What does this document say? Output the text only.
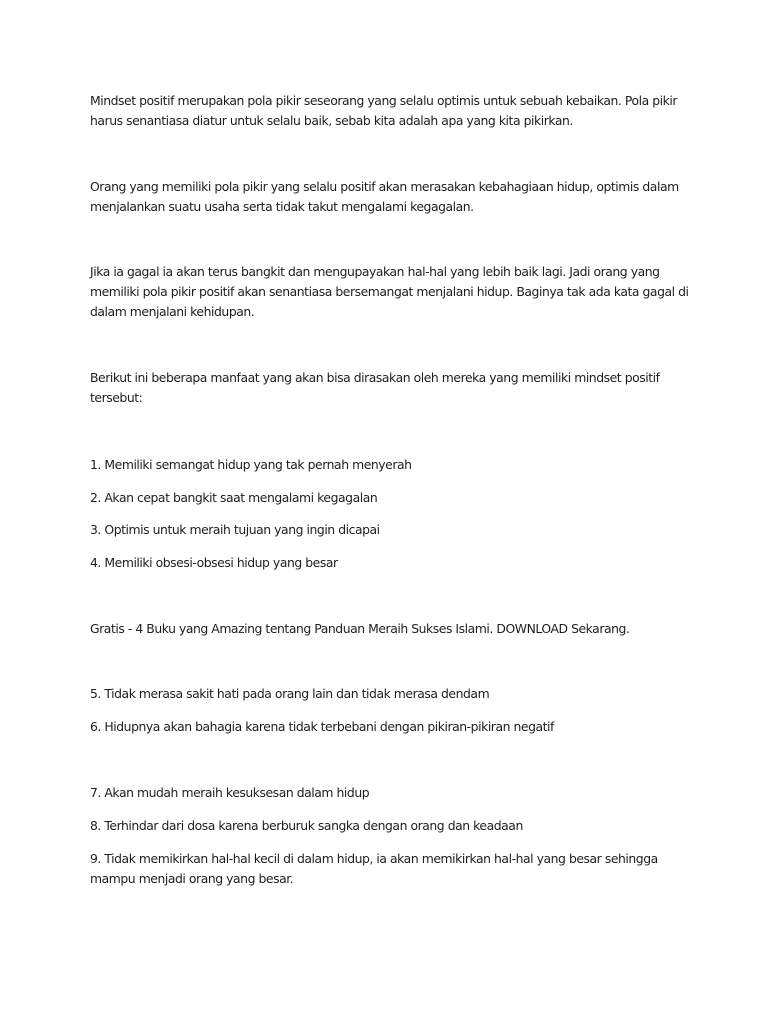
Mindset positif merupakan pola pikir seseorang yang selalu optimis untuk sebuah kebaikan. Pola pikir

harus senantiasa diatur untuk selalu baik, sebab kita adalah apa yang kita pikirkan.

Orang yang memiliki pola pikir yang selalu positif akan merasakan kebahagiaan hidup, optimis dalam

menjalankan suatu usaha serta tidak takut mengalami kegagalan.

Jika ia gagal ia akan terus bangkit dan mengupayakan hal-hal yang lebih baik lagi. Jadi orang yang

memiliki pola pikir positif akan senantiasa bersemangat menjalani hidup. Baginya tak ada kata gagal di

dalam menjalani kehidupan.

Berikut ini beberapa manfaat yang akan bisa dirasakan oleh mereka yang memiliki mindset positif

tersebut:

1. Memiliki semangat hidup yang tak pernah menyerah

2. Akan cepat bangkit saat mengalami kegagalan

3. Optimis untuk meraih tujuan yang ingin dicapai

4. Memiliki obsesi-obsesi hidup yang besar

Gratis - 4 Buku yang Amazing tentang Panduan Meraih Sukses Islami. DOWNLOAD Sekarang.

5. Tidak merasa sakit hati pada orang lain dan tidak merasa dendam

6. Hidupnya akan bahagia karena tidak terbebani dengan pikiran-pikiran negatif

7. Akan mudah meraih kesuksesan dalam hidup

8. Terhindar dari dosa karena berburuk sangka dengan orang dan keadaan

9. Tidak memikirkan hal-hal kecil di dalam hidup, ia akan memikirkan hal-hal yang besar sehingga

mampu menjadi orang yang besar.
